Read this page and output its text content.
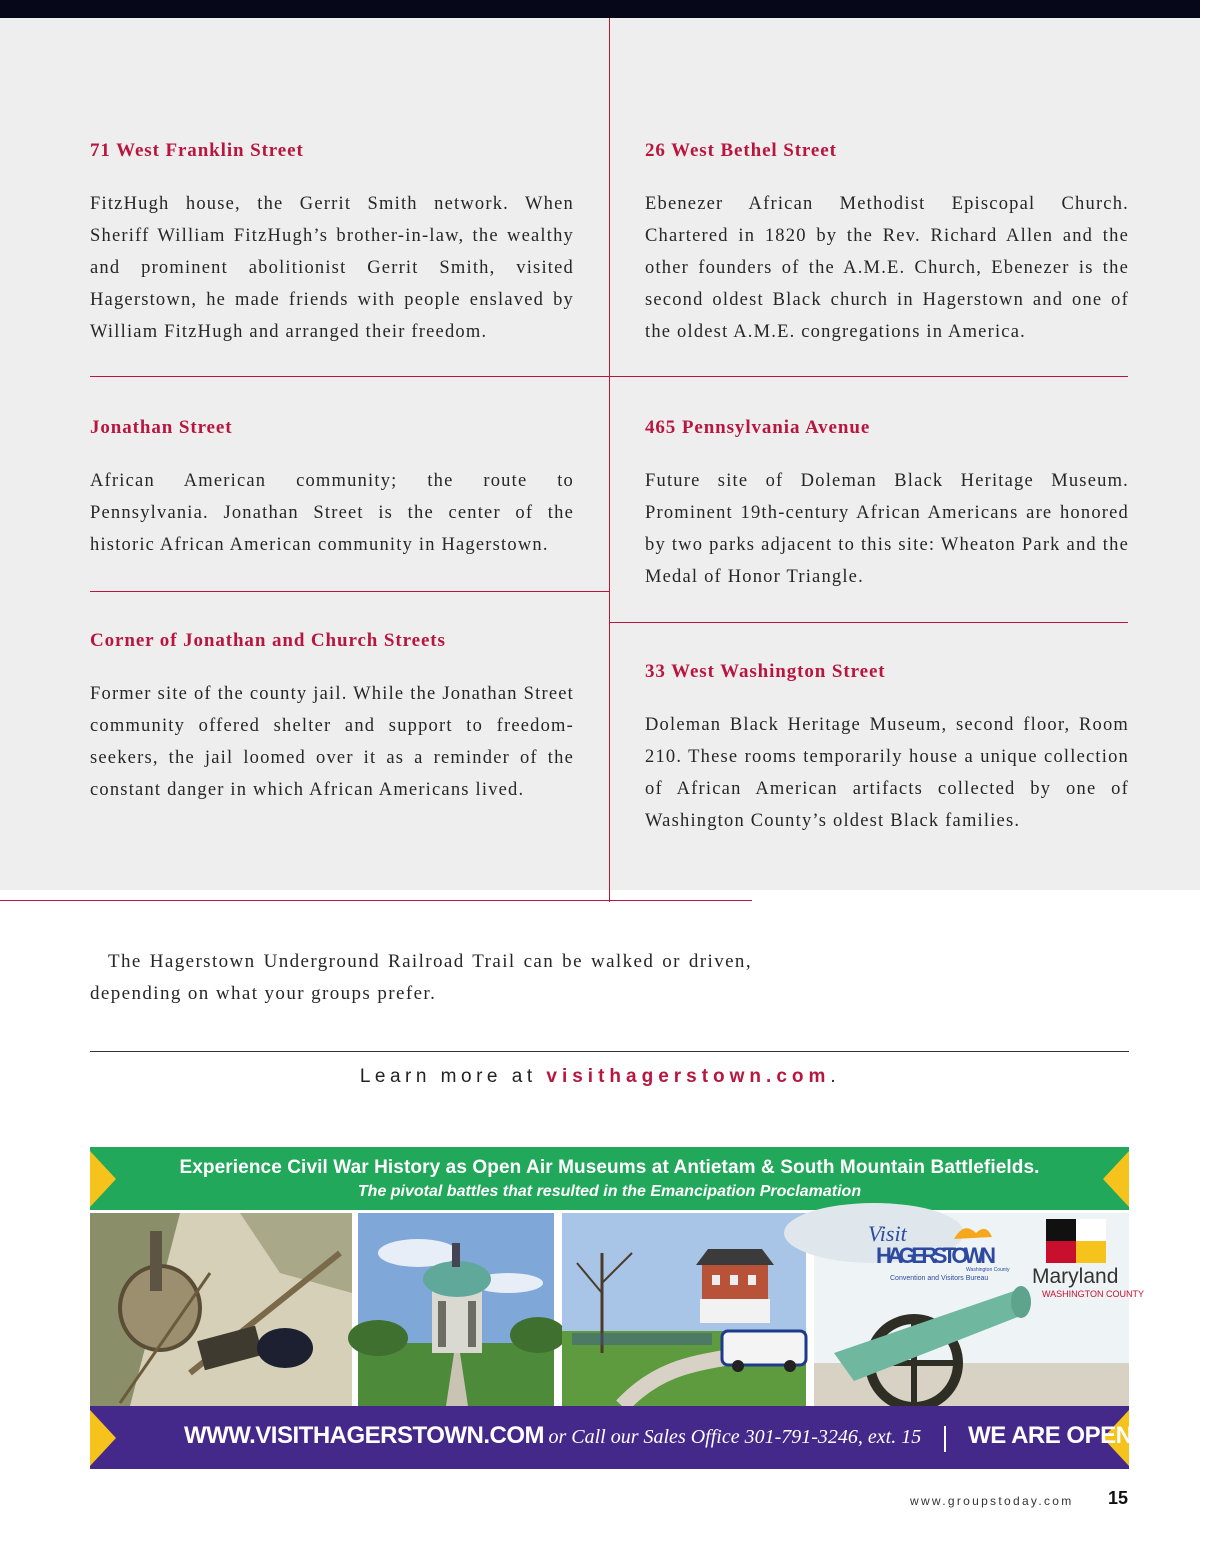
71 West Franklin Street

FitzHugh house, the Gerrit Smith network. When Sheriff William FitzHugh’s brother-in-law, the wealthy and prominent abolitionist Gerrit Smith, visited Hagerstown, he made friends with people enslaved by William FitzHugh and arranged their freedom.

26 West Bethel Street

Ebenezer African Methodist Episcopal Church. Chartered in 1820 by the Rev. Richard Allen and the other founders of the A.M.E. Church, Ebenezer is the second oldest Black church in Hagerstown and one of the oldest A.M.E. congregations in America.

Jonathan Street

African American community; the route to Pennsylvania. Jonathan Street is the center of the historic African American community in Hagerstown.

465 Pennsylvania Avenue

Future site of Doleman Black Heritage Museum. Prominent 19th-century African Americans are honored by two parks adjacent to this site: Wheaton Park and the Medal of Honor Triangle.

Corner of Jonathan and Church Streets

Former site of the county jail. While the Jonathan Street community offered shelter and support to freedom-seekers, the jail loomed over it as a reminder of the constant danger in which African Americans lived.

33 West Washington Street

Doleman Black Heritage Museum, second floor, Room 210. These rooms temporarily house a unique collection of African American artifacts collected by one of Washington County’s oldest Black families.

The Hagerstown Underground Railroad Trail can be walked or driven, depending on what your groups prefer.

Learn more at visithagerstown.com.
Experience Civil War History as Open Air Museums at Antietam & South Mountain Battlefields.
The pivotal battles that resulted in the Emancipation Proclamation
Visit
HAGERSTOWN
Washington County
Convention and Visitors Bureau Maryland
WASHINGTON COUNTY
WWW.VISITHAGERSTOWN.COM or Call our Sales Office 301-791-3246, ext. 15 WE ARE OPEN for Groups!
www.groupstoday.com 15
